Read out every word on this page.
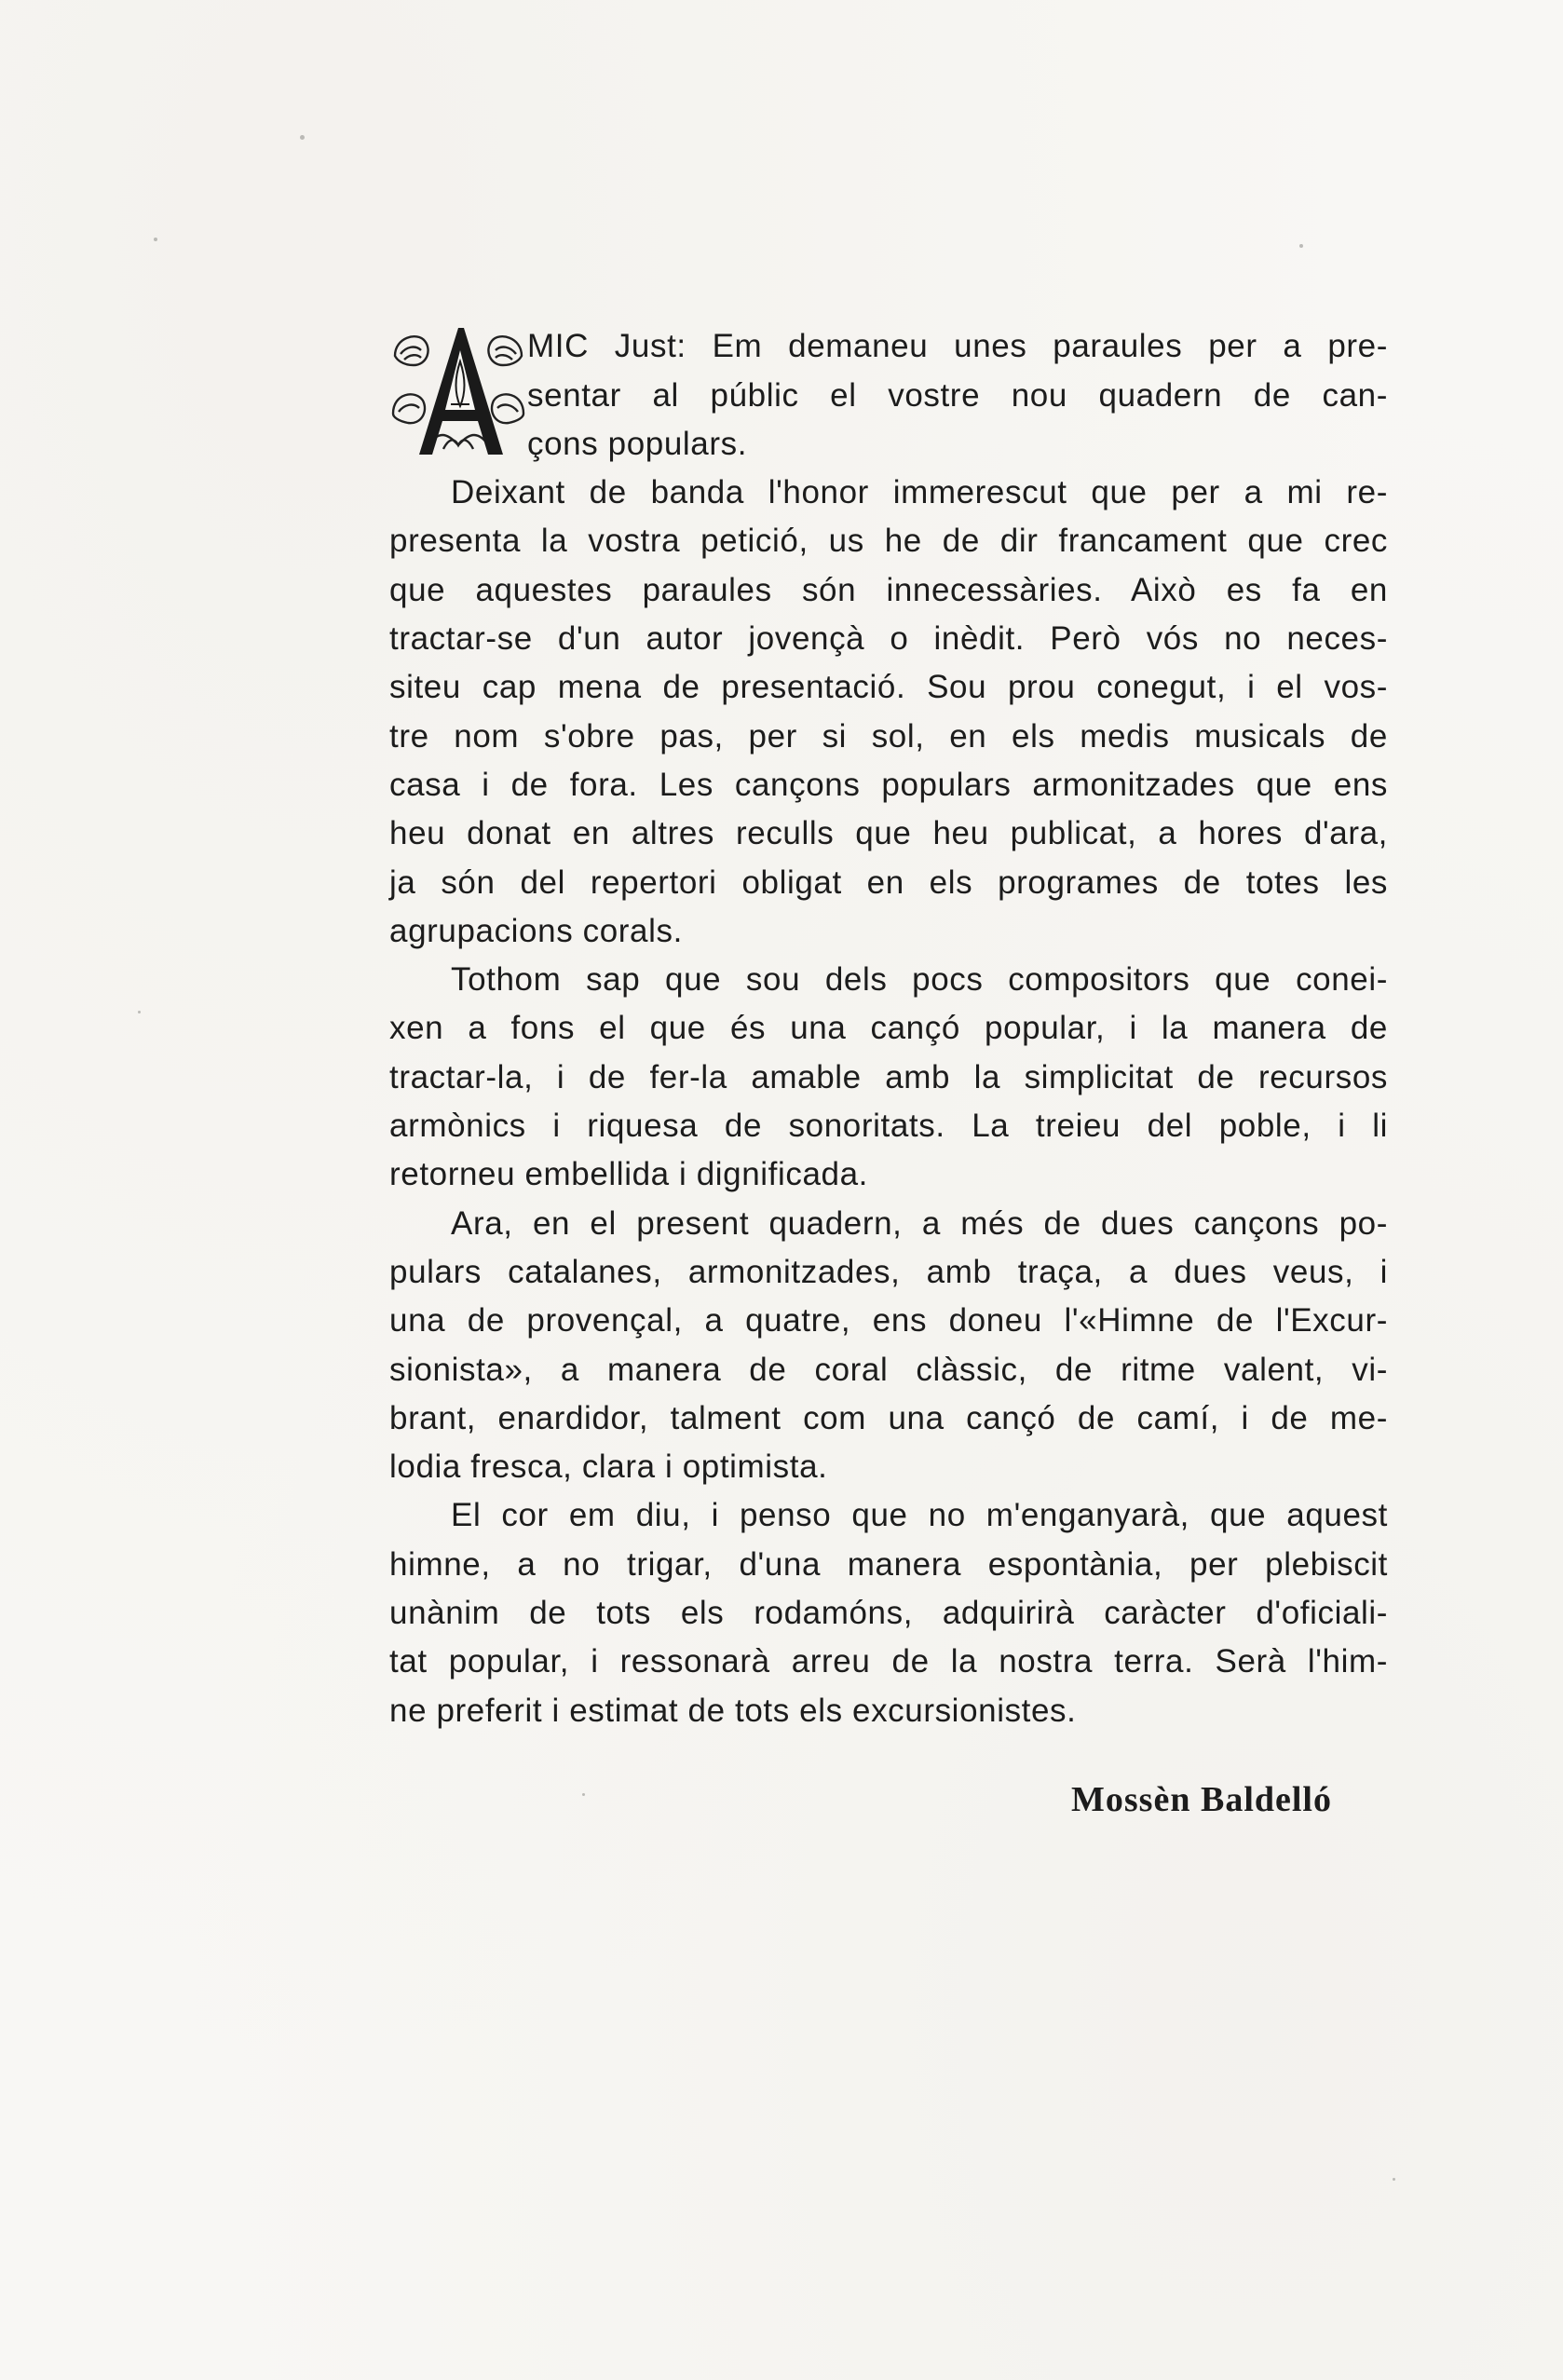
MIC Just: Em demaneu unes paraules per a pre-
sentar al públic el vostre nou quadern de can-
çons populars.
Deixant de banda l'honor immerescut que per a mi re-
presenta la vostra petició, us he de dir francament que crec
que aquestes paraules són innecessàries. Això es fa en
tractar-se d'un autor jovençà o inèdit. Però vós no neces-
siteu cap mena de presentació. Sou prou conegut, i el vos-
tre nom s'obre pas, per si sol, en els medis musicals de
casa i de fora. Les cançons populars armonitzades que ens
heu donat en altres reculls que heu publicat, a hores d'ara,
ja són del repertori obligat en els programes de totes les
agrupacions corals.
Tothom sap que sou dels pocs compositors que conei-
xen a fons el que és una cançó popular, i la manera de
tractar-la, i de fer-la amable amb la simplicitat de recursos
armònics i riquesa de sonoritats. La treieu del poble, i li
retorneu embellida i dignificada.
Ara, en el present quadern, a més de dues cançons po-
pulars catalanes, armonitzades, amb traça, a dues veus, i
una de provençal, a quatre, ens doneu l'«Himne de l'Excur-
sionista», a manera de coral clàssic, de ritme valent, vi-
brant, enardidor, talment com una cançó de camí, i de me-
lodia fresca, clara i optimista.
El cor em diu, i penso que no m'enganyarà, que aquest
himne, a no trigar, d'una manera espontània, per plebiscit
unànim de tots els rodamóns, adquirirà caràcter d'oficiali-
tat popular, i ressonarà arreu de la nostra terra. Serà l'him-
ne preferit i estimat de tots els excursionistes.
Mossèn Baldelló
